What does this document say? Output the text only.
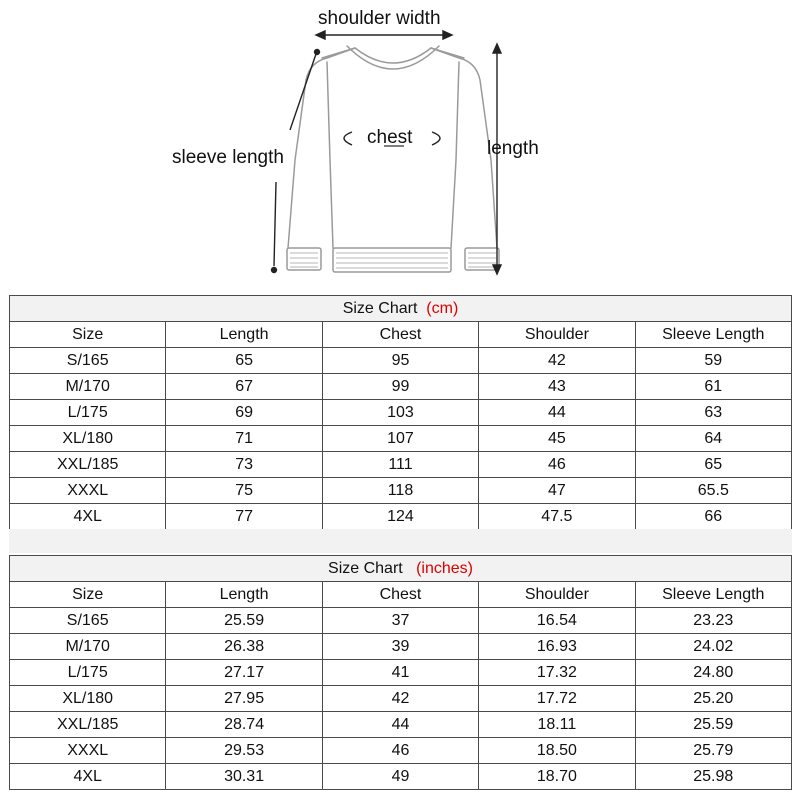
shoulder width
sleeve length
chest
length
Size Chart (cm)				
Size	Length	Chest	Shoulder	Sleeve Length
S/165	65	95	42	59
M/170	67	99	43	61
L/175	69	103	44	63
XL/180	71	107	45	64
XXL/185	73	111	46	65
XXXL	75	118	47	65.5
4XL	77	124	47.5	66
Size Chart (inches)				
Size	Length	Chest	Shoulder	Sleeve Length
S/165	25.59	37	16.54	23.23
M/170	26.38	39	16.93	24.02
L/175	27.17	41	17.32	24.80
XL/180	27.95	42	17.72	25.20
XXL/185	28.74	44	18.11	25.59
XXXL	29.53	46	18.50	25.79
4XL	30.31	49	18.70	25.98
